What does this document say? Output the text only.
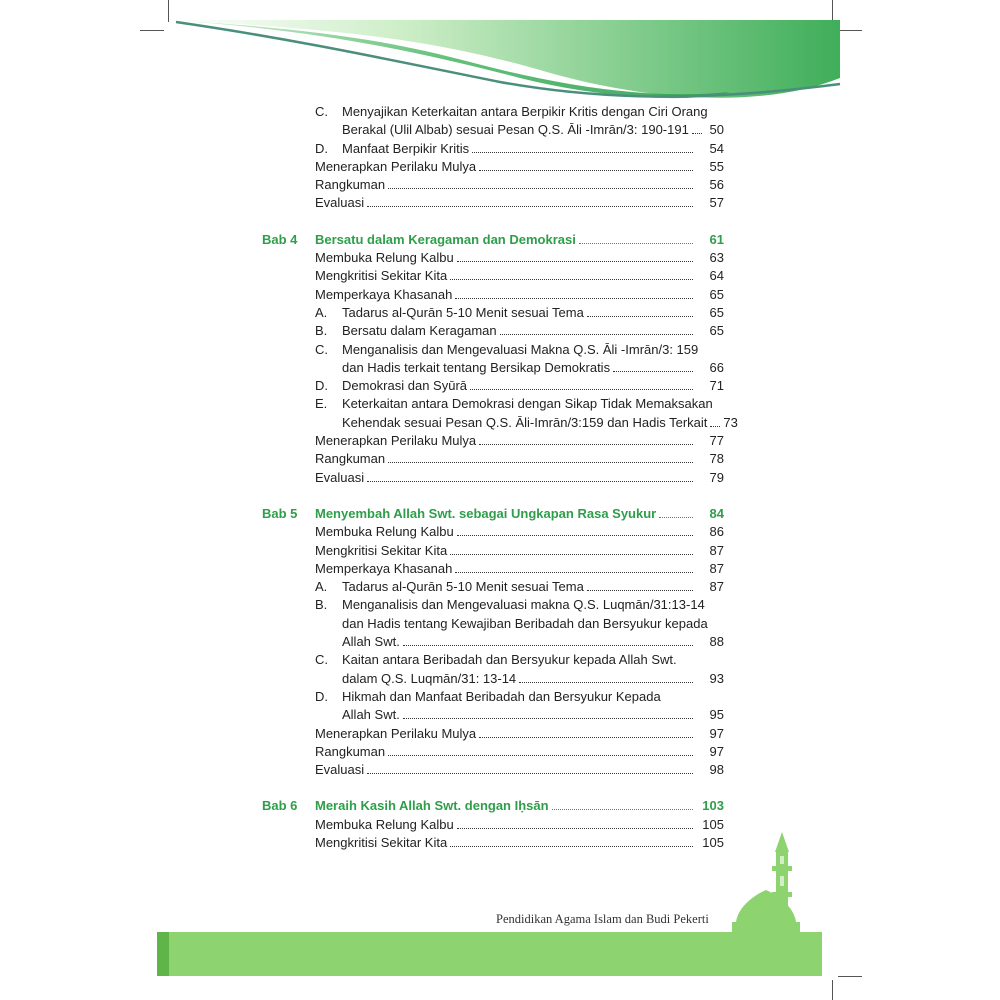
C. Menyajikan Keterkaitan antara Berpikir Kritis dengan Ciri Orang
Berakal (Ulil Albab) sesuai Pesan Q.S. Āli -Imrān/3: 190-191	50
D. Manfaat Berpikir Kritis	54
Menerapkan Perilaku Mulya	55
Rangkuman	56
Evaluasi	57
Bab 4 Bersatu dalam Keragaman dan Demokrasi	61
Membuka Relung Kalbu	63
Mengkritisi Sekitar Kita	64
Memperkaya Khasanah	65
A. Tadarus al-Qurān 5-10 Menit sesuai Tema	65
B. Bersatu dalam Keragaman	65
C. Menganalisis dan Mengevaluasi Makna Q.S. Āli -Imrān/3: 159
dan Hadis terkait tentang Bersikap Demokratis	66
D. Demokrasi dan Syūrā	71
E. Keterkaitan antara Demokrasi dengan Sikap Tidak Memaksakan
Kehendak sesuai Pesan Q.S. Āli-Imrān/3:159 dan Hadis Terkait 73
Menerapkan Perilaku Mulya	77
Rangkuman	78
Evaluasi	79
Bab 5 Menyembah Allah Swt. sebagai Ungkapan Rasa Syukur	84
Membuka Relung Kalbu	86
Mengkritisi Sekitar Kita	87
Memperkaya Khasanah	87
A. Tadarus al-Qurān 5-10 Menit sesuai Tema	87
B. Menganalisis dan Mengevaluasi makna Q.S. Luqmān/31:13-14
dan Hadis tentang Kewajiban Beribadah dan Bersyukur kepada
Allah Swt.	88
C. Kaitan antara Beribadah dan Bersyukur kepada Allah Swt.
dalam Q.S. Luqmān/31: 13-14	93
D. Hikmah dan Manfaat Beribadah dan Bersyukur Kepada
Allah Swt.	95
Menerapkan Perilaku Mulya	97
Rangkuman	97
Evaluasi	98
Bab 6 Meraih Kasih Allah Swt. dengan Iḥsān	103
Membuka Relung Kalbu	105
Mengkritisi Sekitar Kita	105
Pendidikan Agama Islam dan Budi Pekerti
